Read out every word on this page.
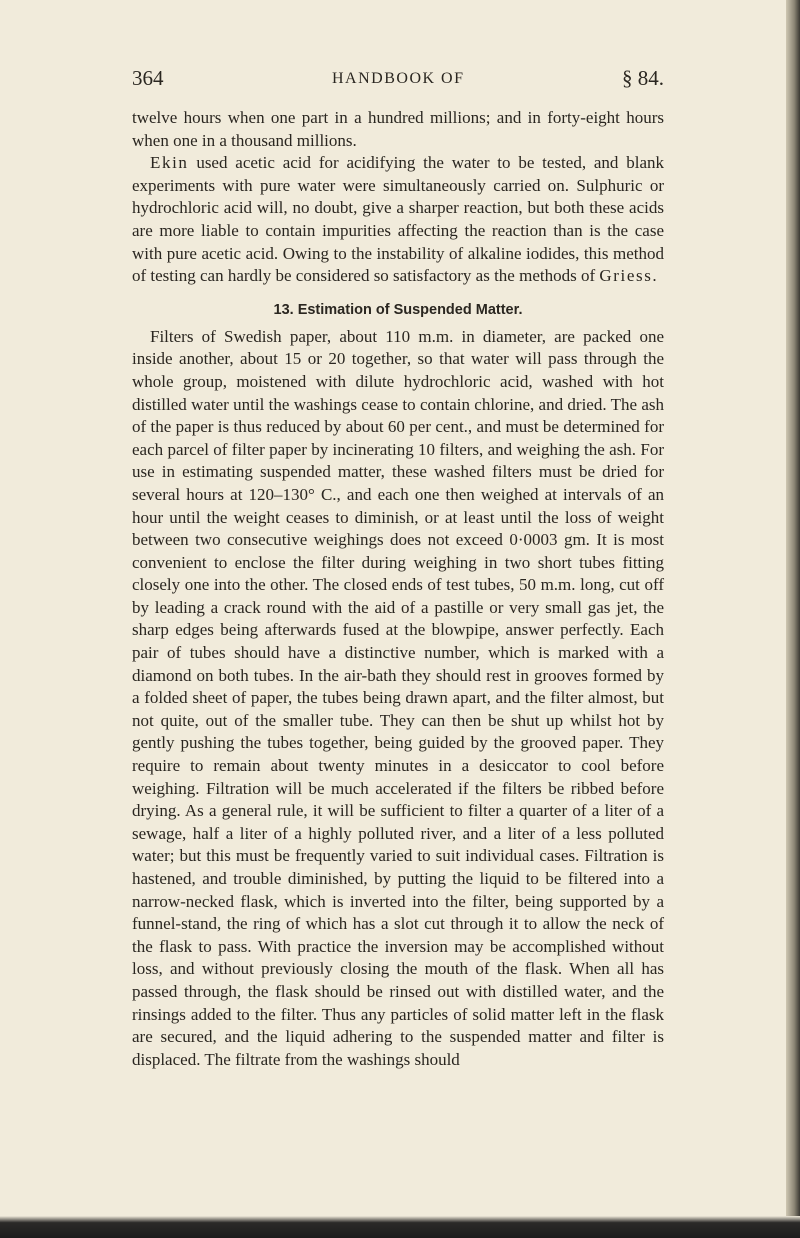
364	HANDBOOK OF	§ 84.

twelve hours when one part in a hundred millions; and in forty-eight hours when one in a thousand millions.

Ekin used acetic acid for acidifying the water to be tested, and blank experiments with pure water were simultaneously carried on. Sulphuric or hydrochloric acid will, no doubt, give a sharper reaction, but both these acids are more liable to contain impurities affecting the reaction than is the case with pure acetic acid. Owing to the instability of alkaline iodides, this method of testing can hardly be considered so satisfactory as the methods of Griess.

13. Estimation of Suspended Matter.

Filters of Swedish paper, about 110 m.m. in diameter, are packed one inside another, about 15 or 20 together, so that water will pass through the whole group, moistened with dilute hydrochloric acid, washed with hot distilled water until the washings cease to contain chlorine, and dried. The ash of the paper is thus reduced by about 60 per cent., and must be determined for each parcel of filter paper by incinerating 10 filters, and weighing the ash. For use in estimating suspended matter, these washed filters must be dried for several hours at 120–130° C., and each one then weighed at intervals of an hour until the weight ceases to diminish, or at least until the loss of weight between two consecutive weighings does not exceed 0·0003 gm. It is most convenient to enclose the filter during weighing in two short tubes fitting closely one into the other. The closed ends of test tubes, 50 m.m. long, cut off by leading a crack round with the aid of a pastille or very small gas jet, the sharp edges being afterwards fused at the blowpipe, answer perfectly. Each pair of tubes should have a distinctive number, which is marked with a diamond on both tubes. In the air-bath they should rest in grooves formed by a folded sheet of paper, the tubes being drawn apart, and the filter almost, but not quite, out of the smaller tube. They can then be shut up whilst hot by gently pushing the tubes together, being guided by the grooved paper. They require to remain about twenty minutes in a desiccator to cool before weighing. Filtration will be much accelerated if the filters be ribbed before drying. As a general rule, it will be sufficient to filter a quarter of a liter of a sewage, half a liter of a highly polluted river, and a liter of a less polluted water; but this must be frequently varied to suit individual cases. Filtration is hastened, and trouble diminished, by putting the liquid to be filtered into a narrow-necked flask, which is inverted into the filter, being supported by a funnel-stand, the ring of which has a slot cut through it to allow the neck of the flask to pass. With practice the inversion may be accomplished without loss, and without previously closing the mouth of the flask. When all has passed through, the flask should be rinsed out with distilled water, and the rinsings added to the filter. Thus any particles of solid matter left in the flask are secured, and the liquid adhering to the suspended matter and filter is displaced. The filtrate from the washings should
